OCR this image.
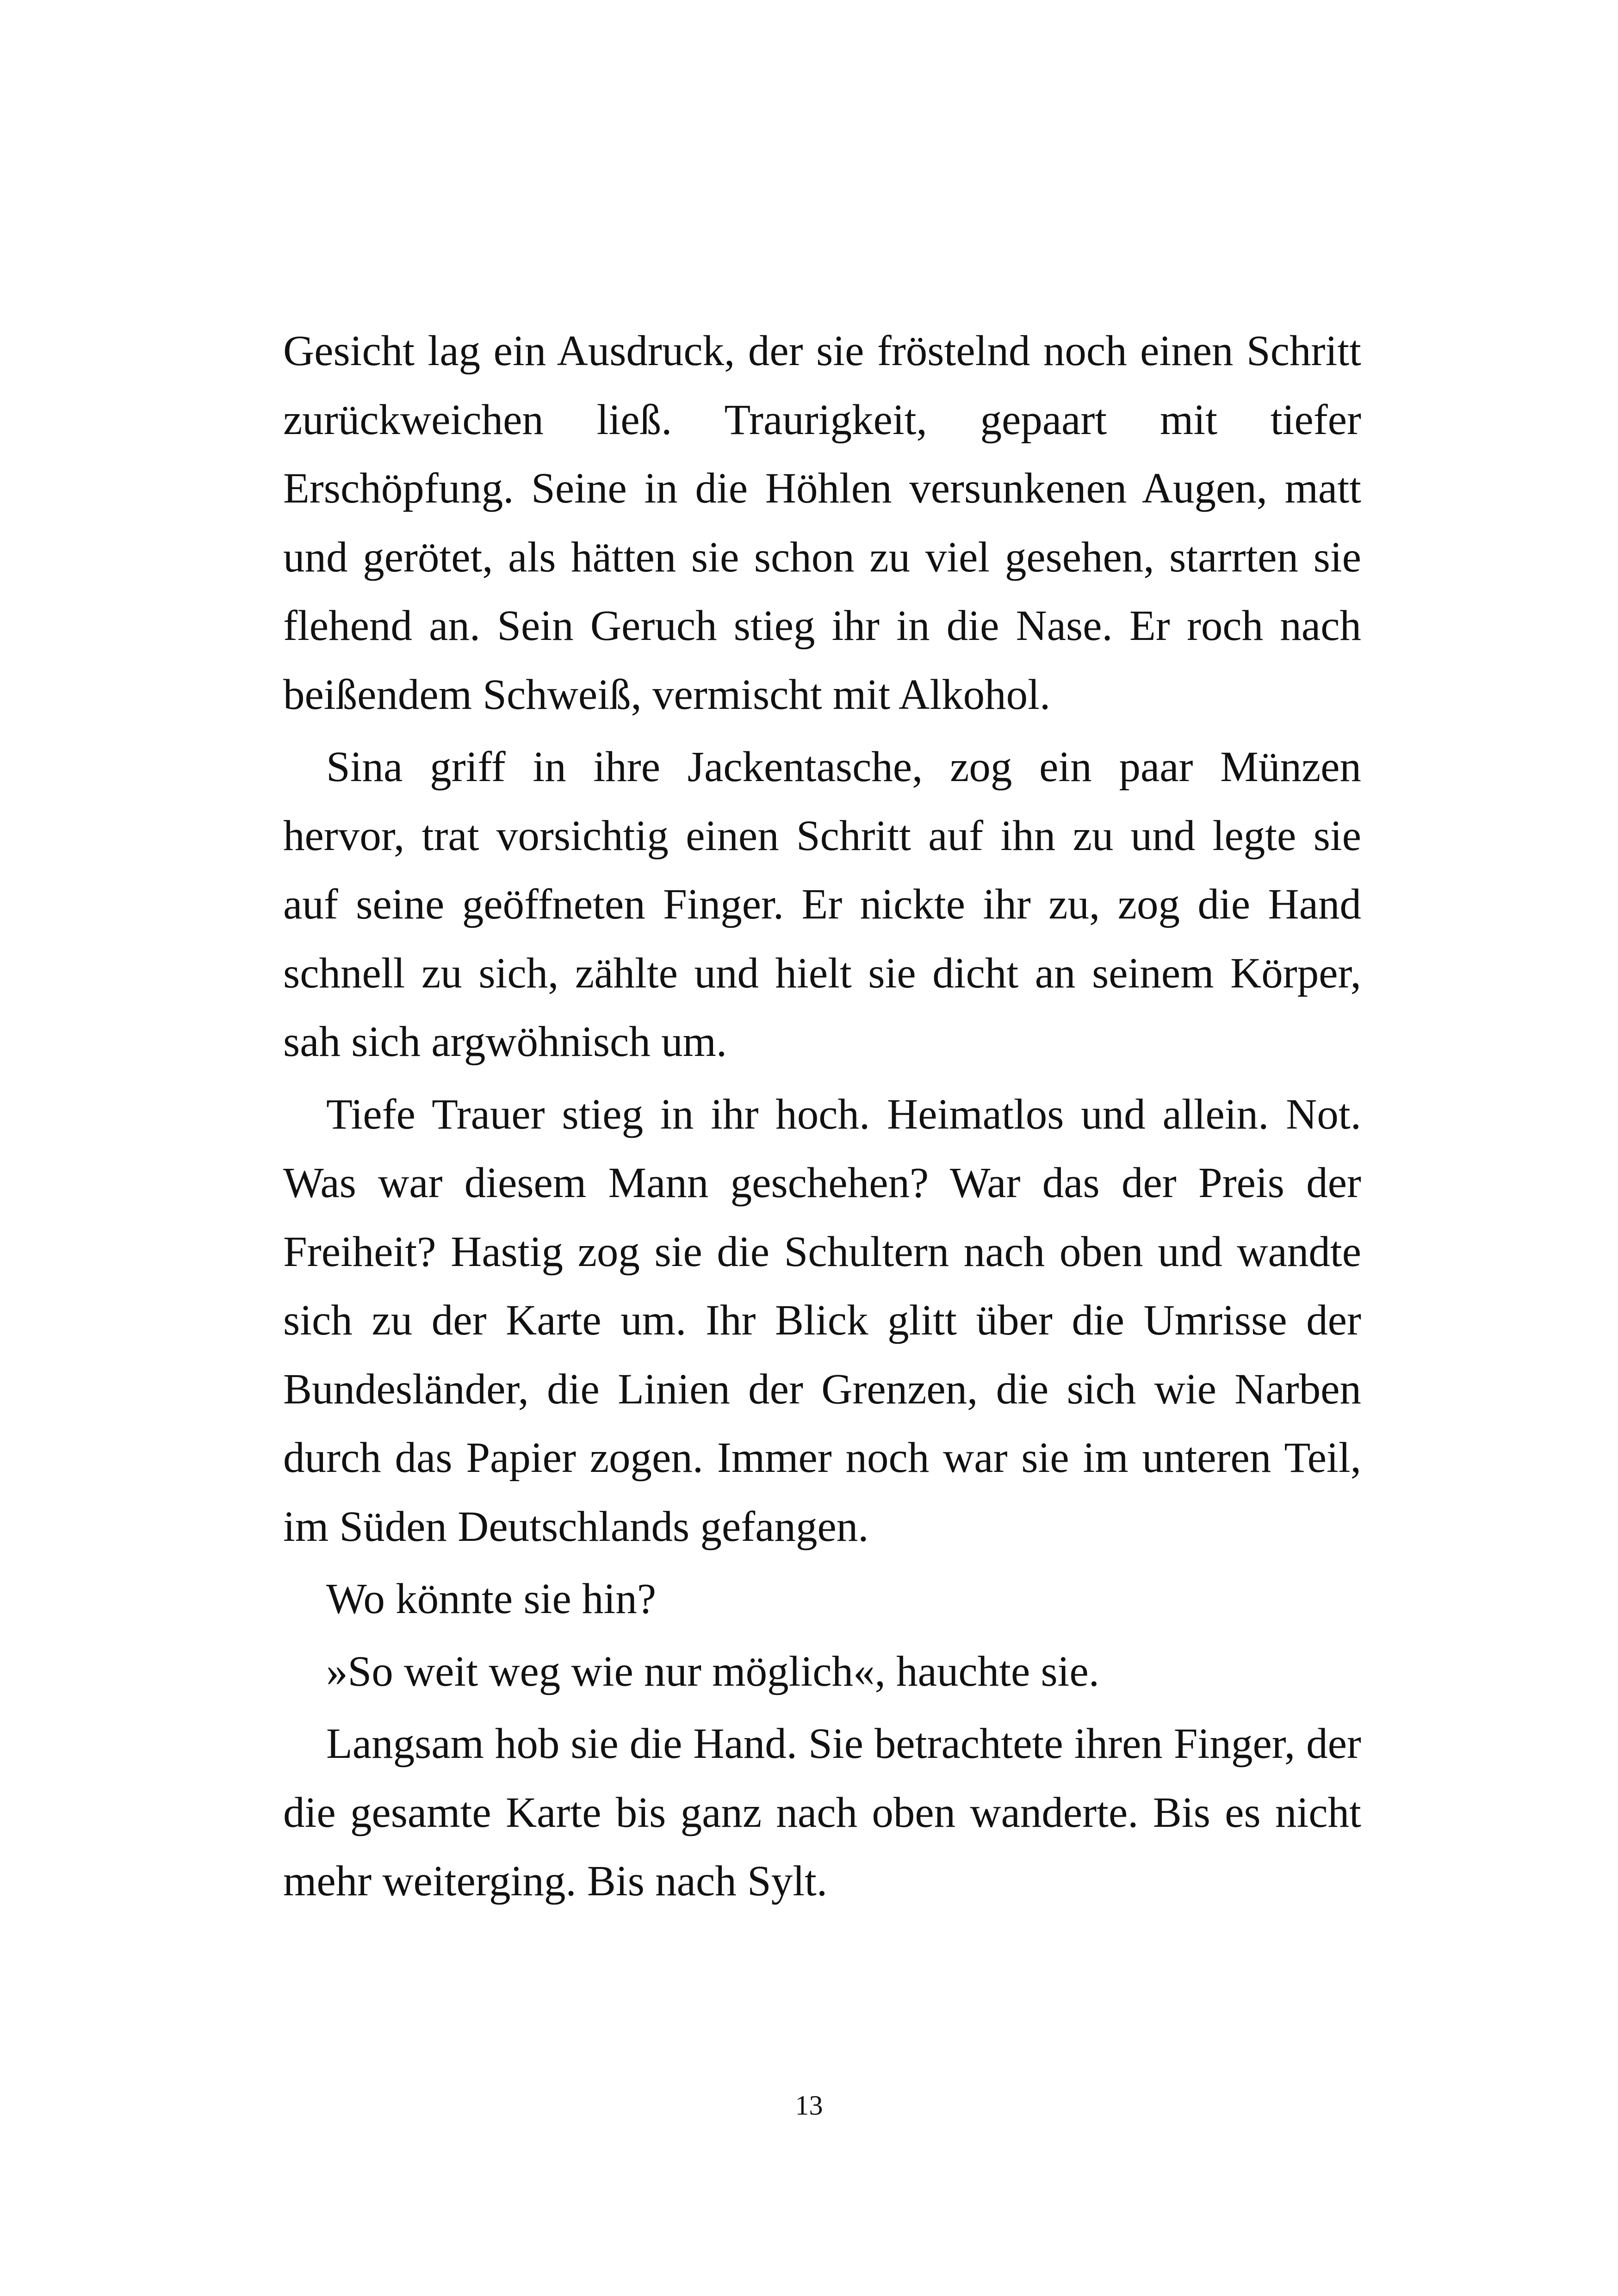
Gesicht lag ein Ausdruck, der sie fröstelnd noch einen Schritt zurückweichen ließ. Traurigkeit, gepaart mit tiefer Erschöpfung. Seine in die Höhlen versunkenen Augen, matt und gerötet, als hätten sie schon zu viel gesehen, starrten sie flehend an. Sein Geruch stieg ihr in die Nase. Er roch nach beißendem Schweiß, vermischt mit Alkohol.

Sina griff in ihre Jackentasche, zog ein paar Münzen hervor, trat vorsichtig einen Schritt auf ihn zu und legte sie auf seine geöffneten Finger. Er nickte ihr zu, zog die Hand schnell zu sich, zählte und hielt sie dicht an seinem Körper, sah sich argwöhnisch um.

Tiefe Trauer stieg in ihr hoch. Heimatlos und allein. Not. Was war diesem Mann geschehen? War das der Preis der Freiheit? Hastig zog sie die Schultern nach oben und wandte sich zu der Karte um. Ihr Blick glitt über die Umrisse der Bundesländer, die Linien der Grenzen, die sich wie Narben durch das Papier zogen. Immer noch war sie im unteren Teil, im Süden Deutschlands gefangen.

Wo könnte sie hin?

»So weit weg wie nur möglich«, hauchte sie.

Langsam hob sie die Hand. Sie betrachtete ihren Finger, der die gesamte Karte bis ganz nach oben wanderte. Bis es nicht mehr weiterging. Bis nach Sylt.

13
